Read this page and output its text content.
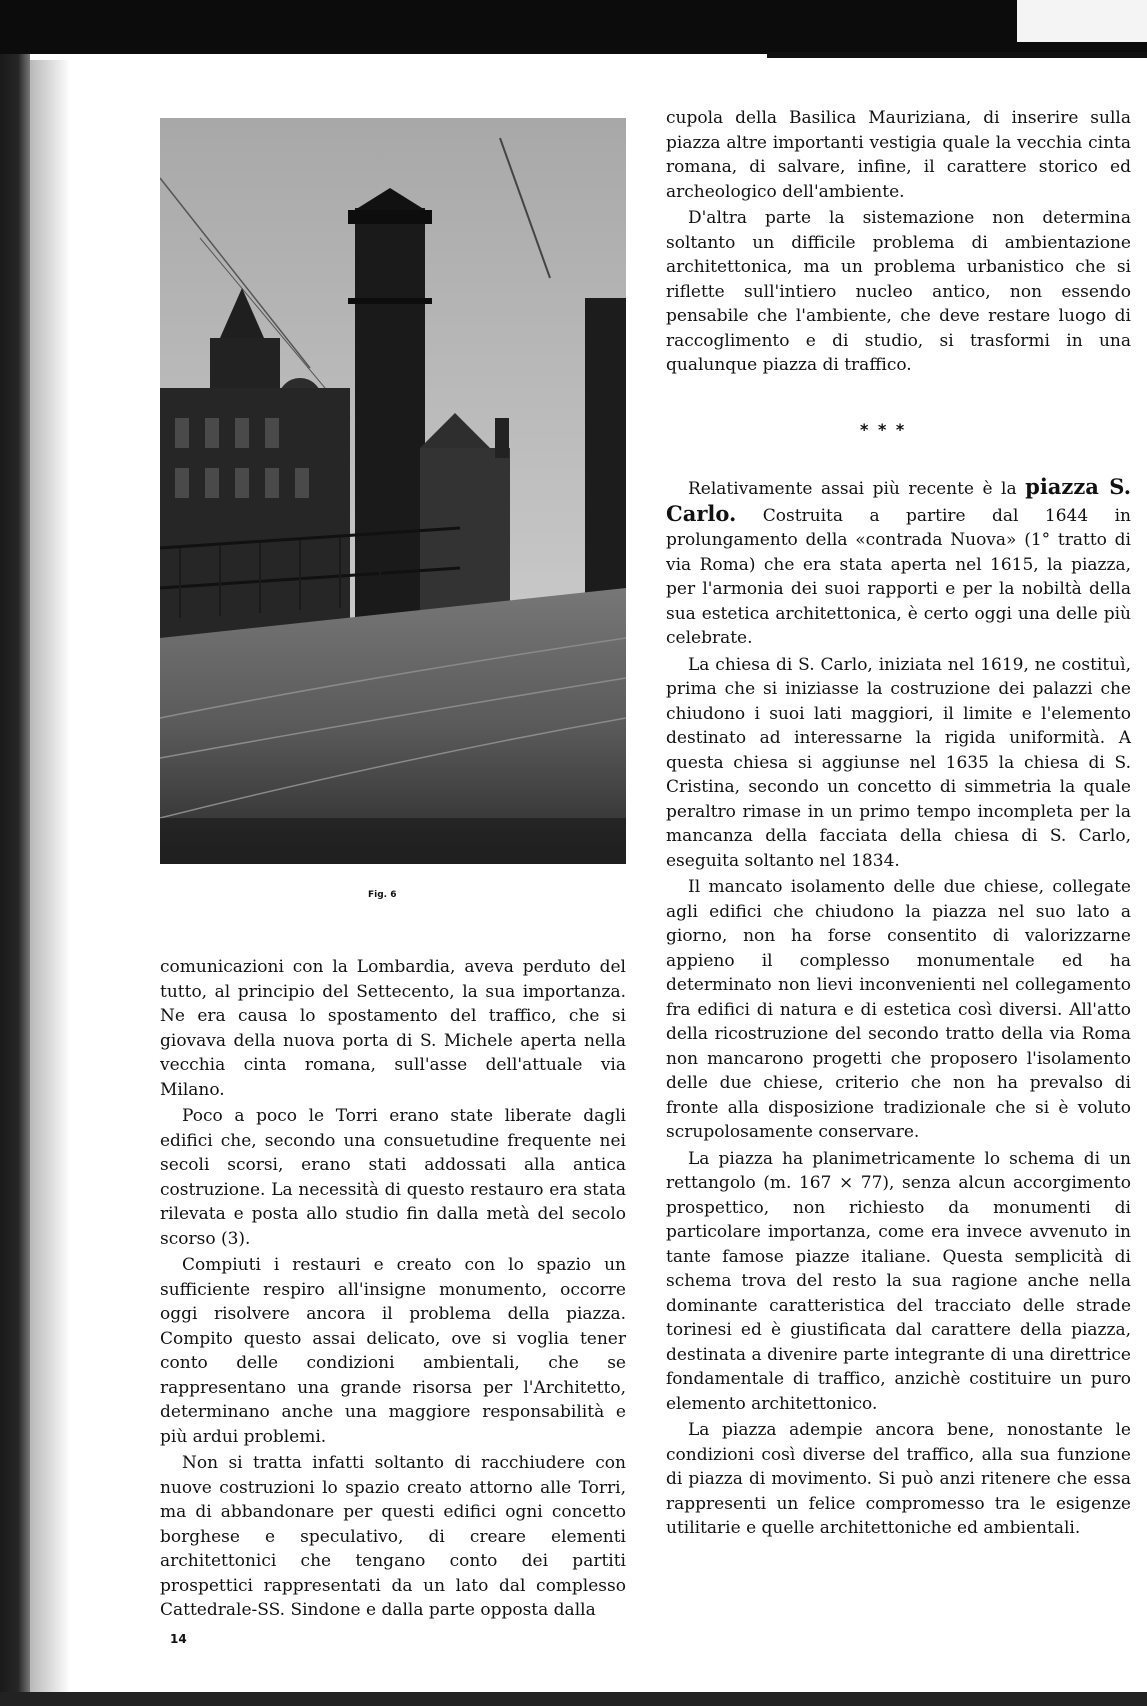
Fig. 6

comunicazioni con la Lombardia, aveva perduto del tutto, al principio del Settecento, la sua importanza. Ne era causa lo spostamento del traffico, che si giovava della nuova porta di S. Michele aperta nella vecchia cinta romana, sull'asse dell'attuale via Milano.

Poco a poco le Torri erano state liberate dagli edifici che, secondo una consuetudine frequente nei secoli scorsi, erano stati addossati alla antica costruzione. La necessità di questo restauro era stata rilevata e posta allo studio fin dalla metà del secolo scorso (3).

Compiuti i restauri e creato con lo spazio un sufficiente respiro all'insigne monumento, occorre oggi risolvere ancora il problema della piazza. Compito questo assai delicato, ove si voglia tener conto delle condizioni ambientali, che se rappresentano una grande risorsa per l'Architetto, determinano anche una maggiore responsabilità e più ardui problemi.

Non si tratta infatti soltanto di racchiudere con nuove costruzioni lo spazio creato attorno alle Torri, ma di abbandonare per questi edifici ogni concetto borghese e speculativo, di creare elementi architettonici che tengano conto dei partiti prospettici rappresentati da un lato dal complesso Cattedrale-SS. Sindone e dalla parte opposta dalla

cupola della Basilica Mauriziana, di inserire sulla piazza altre importanti vestigia quale la vecchia cinta romana, di salvare, infine, il carattere storico ed archeologico dell'ambiente.

D'altra parte la sistemazione non determina soltanto un difficile problema di ambientazione architettonica, ma un problema urbanistico che si riflette sull'intiero nucleo antico, non essendo pensabile che l'ambiente, che deve restare luogo di raccoglimento e di studio, si trasformi in una qualunque piazza di traffico.

* * *

Relativamente assai più recente è la piazza S. Carlo. Costruita a partire dal 1644 in prolungamento della «contrada Nuova» (1° tratto di via Roma) che era stata aperta nel 1615, la piazza, per l'armonia dei suoi rapporti e per la nobiltà della sua estetica architettonica, è certo oggi una delle più celebrate.

La chiesa di S. Carlo, iniziata nel 1619, ne costituì, prima che si iniziasse la costruzione dei palazzi che chiudono i suoi lati maggiori, il limite e l'elemento destinato ad interessarne la rigida uniformità. A questa chiesa si aggiunse nel 1635 la chiesa di S. Cristina, secondo un concetto di simmetria la quale peraltro rimase in un primo tempo incompleta per la mancanza della facciata della chiesa di S. Carlo, eseguita soltanto nel 1834.

Il mancato isolamento delle due chiese, collegate agli edifici che chiudono la piazza nel suo lato a giorno, non ha forse consentito di valorizzarne appieno il complesso monumentale ed ha determinato non lievi inconvenienti nel collegamento fra edifici di natura e di estetica così diversi. All'atto della ricostruzione del secondo tratto della via Roma non mancarono progetti che proposero l'isolamento delle due chiese, criterio che non ha prevalso di fronte alla disposizione tradizionale che si è voluto scrupolosamente conservare.

La piazza ha planimetricamente lo schema di un rettangolo (m. 167 × 77), senza alcun accorgimento prospettico, non richiesto da monumenti di particolare importanza, come era invece avvenuto in tante famose piazze italiane. Questa semplicità di schema trova del resto la sua ragione anche nella dominante caratteristica del tracciato delle strade torinesi ed è giustificata dal carattere della piazza, destinata a divenire parte integrante di una direttrice fondamentale di traffico, anzichè costituire un puro elemento architettonico.

La piazza adempie ancora bene, nonostante le condizioni così diverse del traffico, alla sua funzione di piazza di movimento. Si può anzi ritenere che essa rappresenti un felice compromesso tra le esigenze utilitarie e quelle architettoniche ed ambientali.

14
